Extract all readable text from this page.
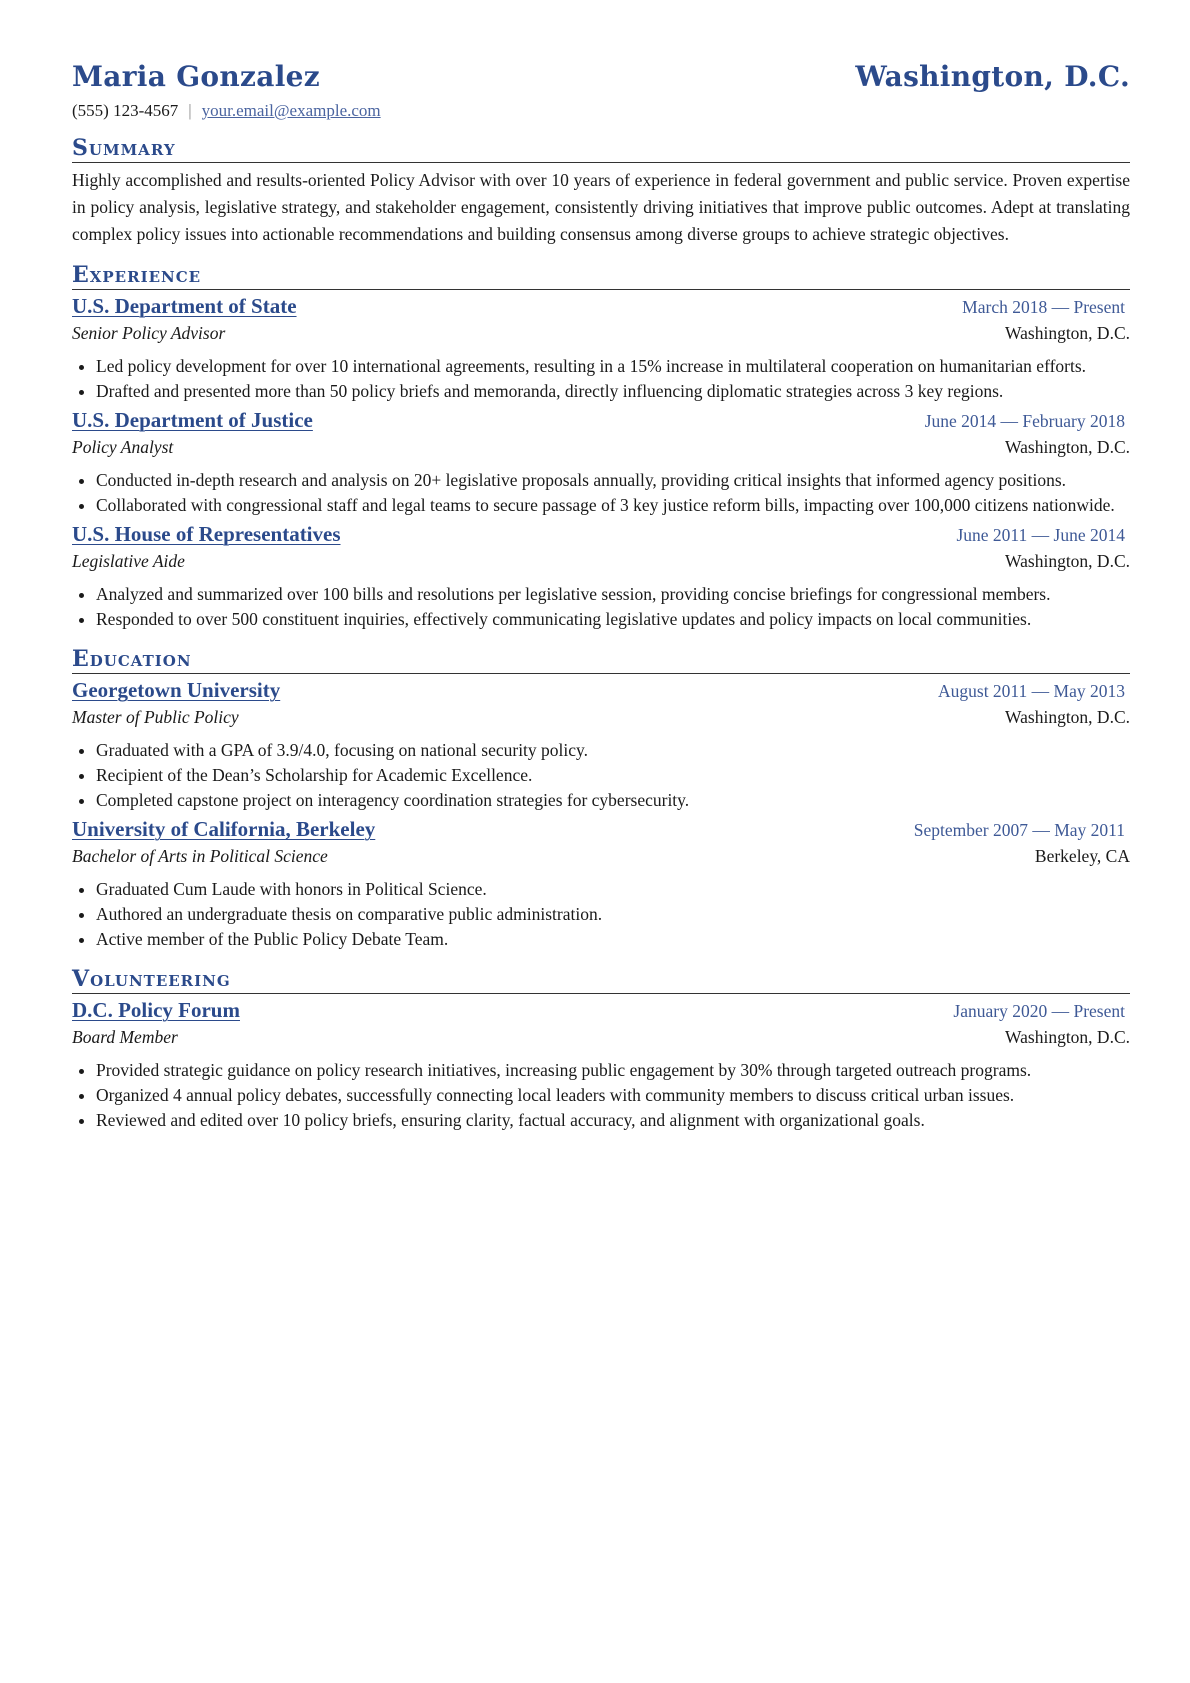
Maria Gonzalez	Washington, D.C.
(555) 123-4567 | your.email@example.com
Summary
Highly accomplished and results-oriented Policy Advisor with over 10 years of experience in federal government and public service. Proven expertise in policy analysis, legislative strategy, and stakeholder engagement, consistently driving initiatives that improve public outcomes. Adept at translating complex policy issues into actionable recommendations and building consensus among diverse groups to achieve strategic objectives.
Experience
U.S. Department of State	March 2018 — Present
Senior Policy Advisor	Washington, D.C.
• Led policy development for over 10 international agreements, resulting in a 15% increase in multilateral cooperation on humanitarian efforts.
• Drafted and presented more than 50 policy briefs and memoranda, directly influencing diplomatic strategies across 3 key regions.
U.S. Department of Justice	June 2014 — February 2018
Policy Analyst	Washington, D.C.
• Conducted in-depth research and analysis on 20+ legislative proposals annually, providing critical insights that informed agency positions.
• Collaborated with congressional staff and legal teams to secure passage of 3 key justice reform bills, impacting over 100,000 citizens nationwide.
U.S. House of Representatives	June 2011 — June 2014
Legislative Aide	Washington, D.C.
• Analyzed and summarized over 100 bills and resolutions per legislative session, providing concise briefings for congressional members.
• Responded to over 500 constituent inquiries, effectively communicating legislative updates and policy impacts on local communities.
Education
Georgetown University	August 2011 — May 2013
Master of Public Policy	Washington, D.C.
• Graduated with a GPA of 3.9/4.0, focusing on national security policy.
• Recipient of the Dean’s Scholarship for Academic Excellence.
• Completed capstone project on interagency coordination strategies for cybersecurity.
University of California, Berkeley	September 2007 — May 2011
Bachelor of Arts in Political Science	Berkeley, CA
• Graduated Cum Laude with honors in Political Science.
• Authored an undergraduate thesis on comparative public administration.
• Active member of the Public Policy Debate Team.
Volunteering
D.C. Policy Forum	January 2020 — Present
Board Member	Washington, D.C.
• Provided strategic guidance on policy research initiatives, increasing public engagement by 30% through targeted outreach programs.
• Organized 4 annual policy debates, successfully connecting local leaders with community members to discuss critical urban issues.
• Reviewed and edited over 10 policy briefs, ensuring clarity, factual accuracy, and alignment with organizational goals.
